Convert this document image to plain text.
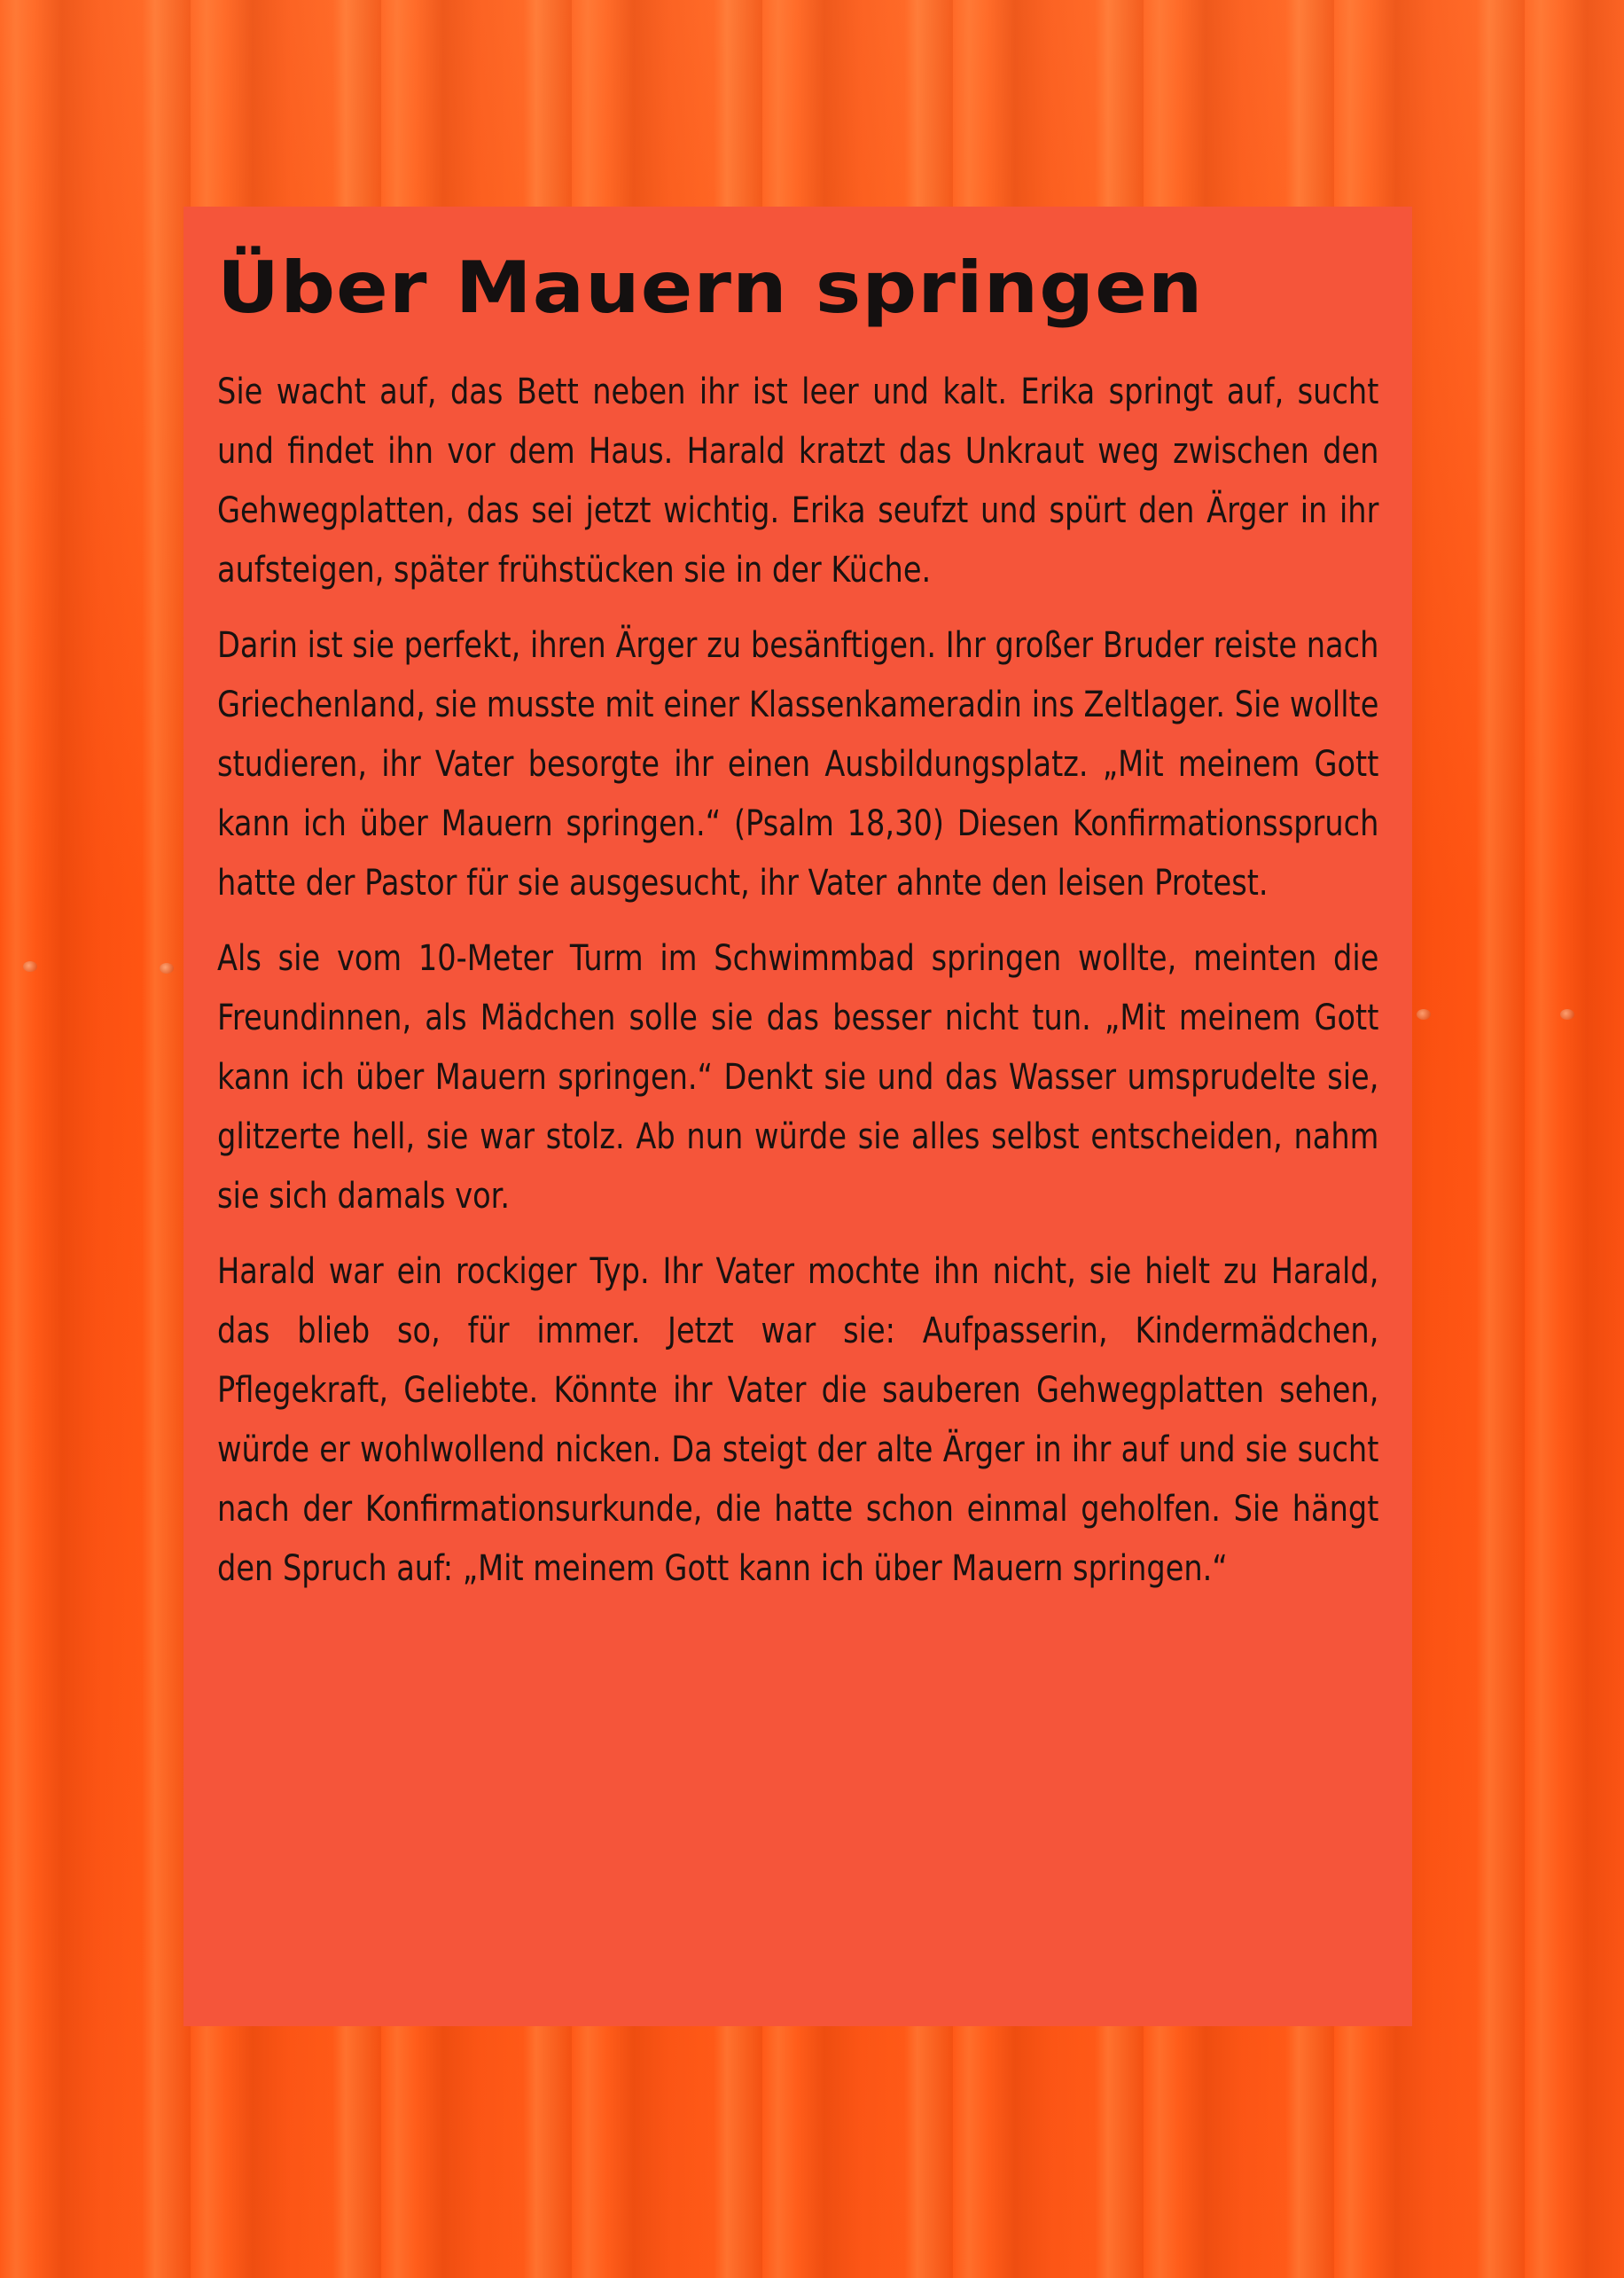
Über Mauern springen

Sie wacht auf, das Bett neben ihr ist leer und kalt. Erika springt auf, sucht und findet ihn vor dem Haus. Harald kratzt das Unkraut weg zwischen den Gehwegplatten, das sei jetzt wichtig. Erika seufzt und spürt den Ärger in ihr aufsteigen, später frühstücken sie in der Küche.

Darin ist sie perfekt, ihren Ärger zu besänftigen. Ihr großer Bruder reiste nach Griechenland, sie musste mit einer Klassenkameradin ins Zeltlager. Sie wollte studieren, ihr Vater besorgte ihr einen Ausbildungsplatz. „Mit meinem Gott kann ich über Mauern springen.“ (Psalm 18,30) Diesen Konfirmationsspruch hatte der Pastor für sie ausgesucht, ihr Vater ahnte den leisen Protest.

Als sie vom 10-Meter Turm im Schwimmbad springen wollte, meinten die Freundinnen, als Mädchen solle sie das besser nicht tun. „Mit meinem Gott kann ich über Mauern springen.“ Denkt sie und das Wasser umsprudelte sie, glitzerte hell, sie war stolz. Ab nun würde sie alles selbst entscheiden, nahm sie sich damals vor.

Harald war ein rockiger Typ. Ihr Vater mochte ihn nicht, sie hielt zu Harald, das blieb so, für immer. Jetzt war sie: Aufpasserin, Kindermädchen, Pflegekraft, Geliebte. Könnte ihr Vater die sauberen Gehwegplatten sehen, würde er wohlwollend nicken. Da steigt der alte Ärger in ihr auf und sie sucht nach der Konfirmationsurkunde, die hatte schon einmal geholfen. Sie hängt den Spruch auf: „Mit meinem Gott kann ich über Mauern springen.“
